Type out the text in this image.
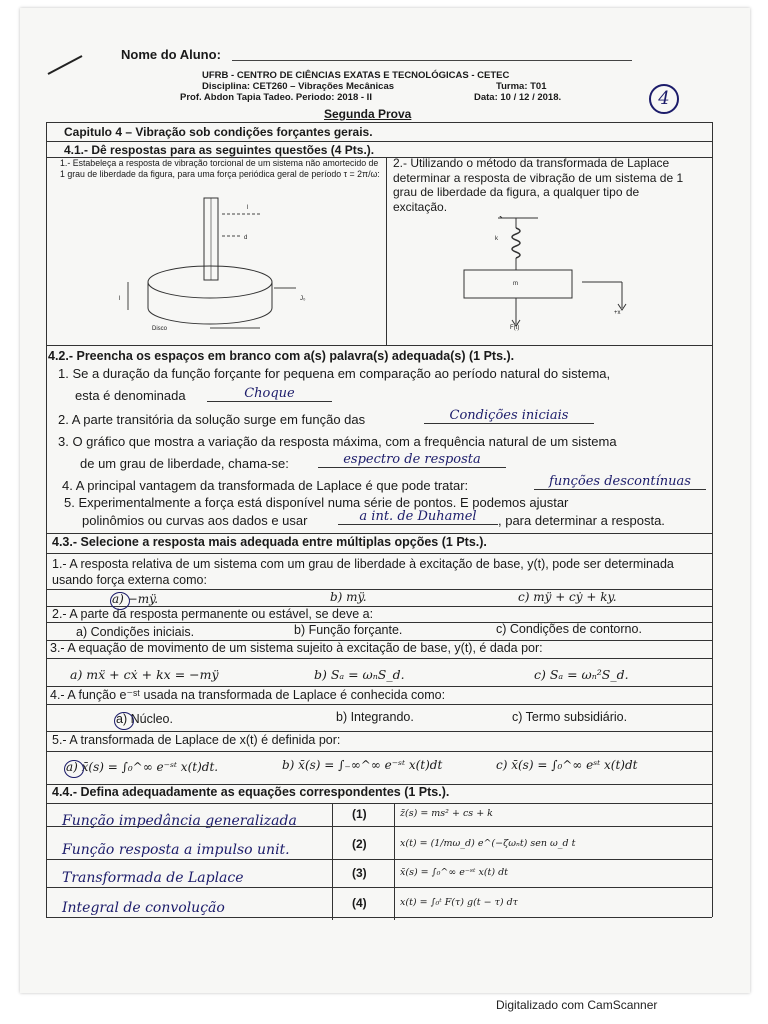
Nome do Aluno:
UFRB - CENTRO DE CIÊNCIAS EXATAS E TECNOLÓGICAS - CETEC
Disciplina: CET260 – Vibrações Mecânicas	Turma: T01
Prof. Abdon Tapia Tadeo. Periodo: 2018 - II	Data: 10 / 12 / 2018.	4
Segunda Prova
Capitulo 4 – Vibração sob condições forçantes gerais.
4.1.- Dê respostas para as seguintes questões (4 Pts.).
1.- Estabeleça a resposta de vibração torcional de um sistema não amortecido de 1 grau de liberdade da figura, para uma força periódica geral de período τ = 2π/ω:
Disco
l
d
J₀
l
2.- Utilizando o método da transformada de Laplace determinar a resposta de vibração de um sistema de 1 grau de liberdade da figura, a qualquer tipo de excitação.
k
m
F(t)
+x
4.2.- Preencha os espaços em branco com a(s) palavra(s) adequada(s) (1 Pts.).
1. Se a duração da função forçante for pequena em comparação ao período natural do sistema,
esta é denominada	Choque
2. A parte transitória da solução surge em função das	Condições iniciais
3. O gráfico que mostra a variação da resposta máxima, com a frequência natural de um sistema
de um grau de liberdade, chama-se:	espectro de resposta
4. A principal vantagem da transformada de Laplace é que pode tratar:	funções descontínuas
5. Experimentalmente a força está disponível numa série de pontos. E podemos ajustar
polinômios ou curvas aos dados e usar	a int. de Duhamel	, para determinar a resposta.
4.3.- Selecione a resposta mais adequada entre múltiplas opções (1 Pts.).
1.- A resposta relativa de um sistema com um grau de liberdade à excitação de base, y(t), pode ser determinada usando força externa como:
a) −mÿ.	b) mÿ.	c) mÿ + cẏ + ky.
2.- A parte da resposta permanente ou estável, se deve a:
a) Condições iniciais.	b) Função forçante.	c) Condições de contorno.
3.- A equação de movimento de um sistema sujeito à excitação de base, y(t), é dada por:
a) mẍ + cẋ + kx = −mÿ	b) Sₐ = ωₙS_d.	c) Sₐ = ωₙ²S_d.
4.- A função e⁻ˢᵗ usada na transformada de Laplace é conhecida como:
a) Núcleo.	b) Integrando.	c) Termo subsidiário.
5.- A transformada de Laplace de x(t) é definida por:
a) x̄(s) = ∫₀^∞ e⁻ˢᵗ x(t)dt.	b) x̄(s) = ∫₋∞^∞ e⁻ˢᵗ x(t)dt	c) x̄(s) = ∫₀^∞ eˢᵗ x(t)dt
4.4.- Defina adequadamente as equações correspondentes (1 Pts.).
Função impedância generalizada	(1)	z̄(s) = ms² + cs + k
Função resposta a impulso unit.	(2)	x(t) = (1/mω_d) e^(−ζωₙt) sen ω_d t
Transformada de Laplace	(3)	x̄(s) = ∫₀^∞ e⁻ˢᵗ x(t) dt
Integral de convolução	(4)	x(t) = ∫₀ᵗ F(τ) g(t − τ) dτ
Digitalizado com CamScanner
